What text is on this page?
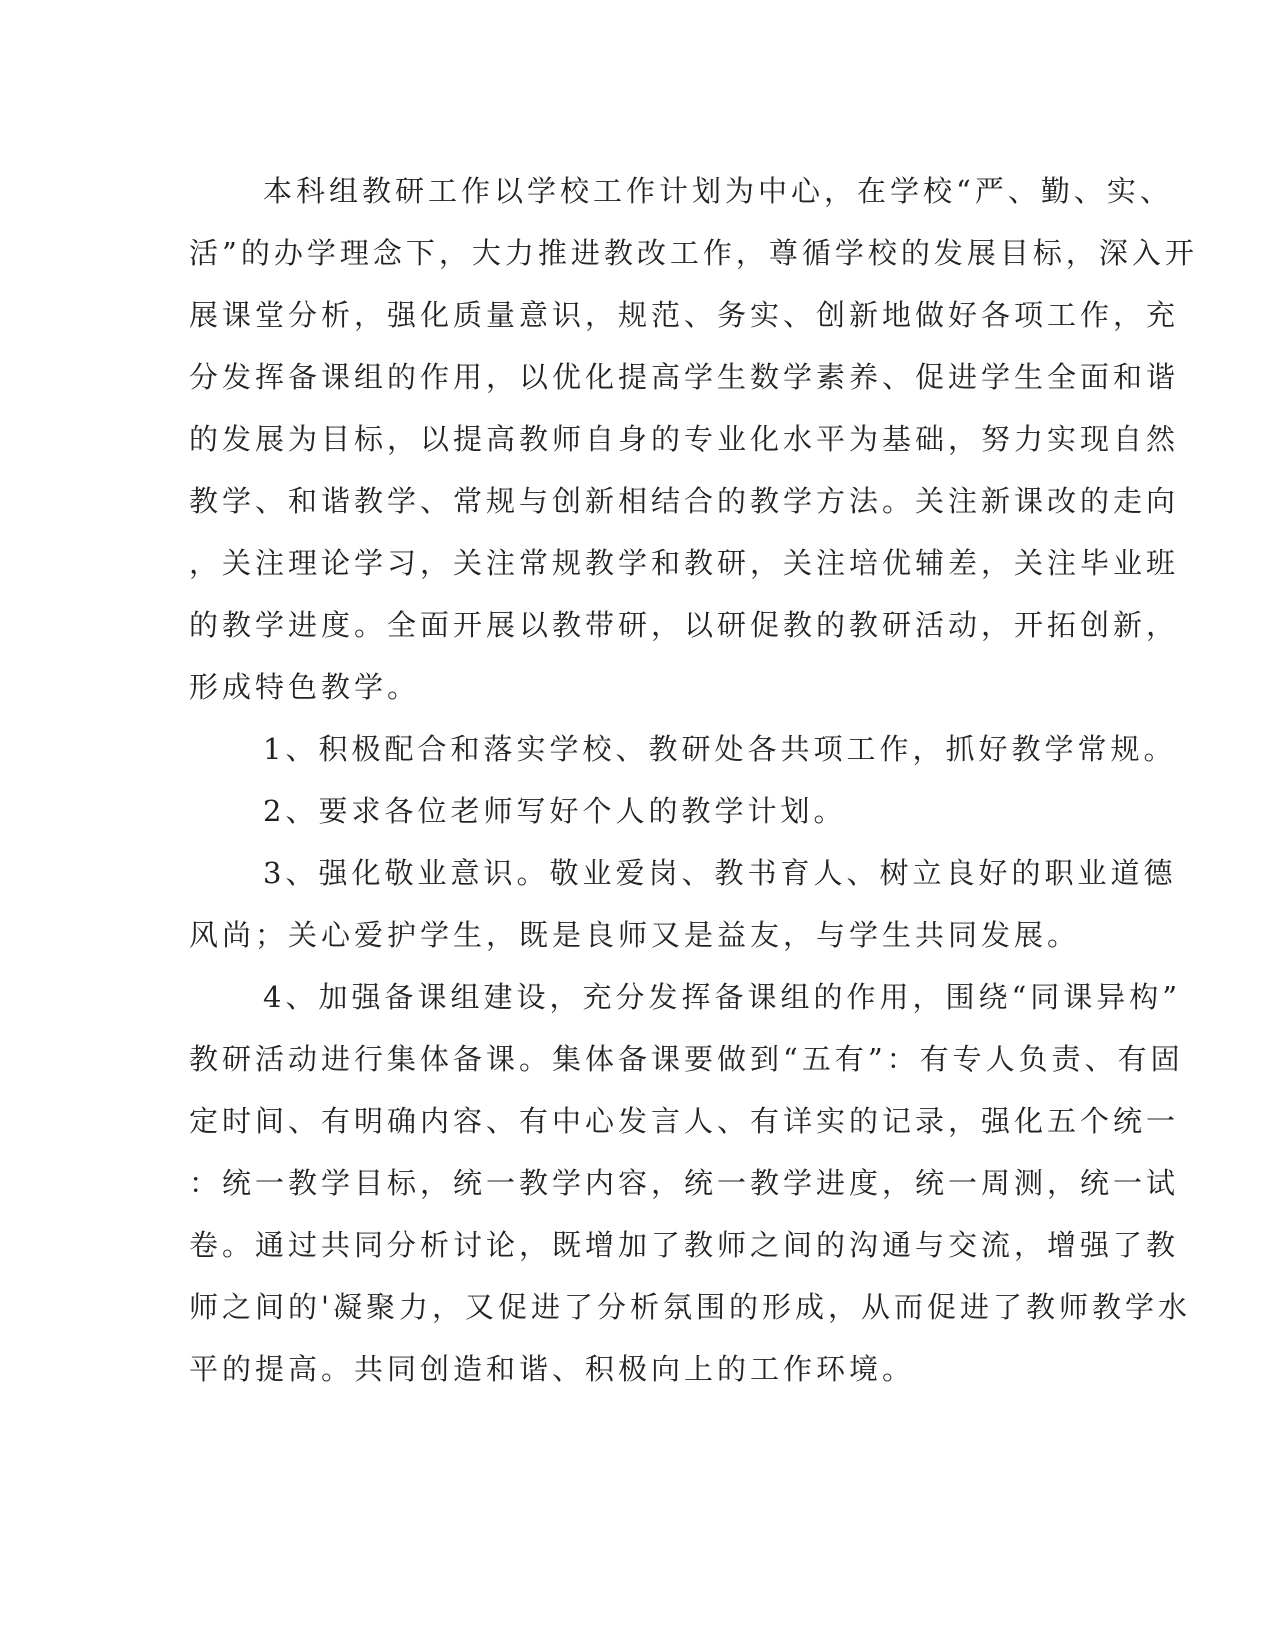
本科组教研工作以学校工作计划为中心，在学校“严、勤、实、
活”的办学理念下，大力推进教改工作，尊循学校的发展目标，深入开
展课堂分析，强化质量意识，规范、务实、创新地做好各项工作，充
分发挥备课组的作用，以优化提高学生数学素养、促进学生全面和谐
的发展为目标，以提高教师自身的专业化水平为基础，努力实现自然
教学、和谐教学、常规与创新相结合的教学方法。关注新课改的走向
，关注理论学习，关注常规教学和教研，关注培优辅差，关注毕业班
的教学进度。全面开展以教带研，以研促教的教研活动，开拓创新，
形成特色教学。
1、积极配合和落实学校、教研处各共项工作，抓好教学常规。
2、要求各位老师写好个人的教学计划。
3、强化敬业意识。敬业爱岗、教书育人、树立良好的职业道德
风尚；关心爱护学生，既是良师又是益友，与学生共同发展。
4、加强备课组建设，充分发挥备课组的作用，围绕“同课异构”
教研活动进行集体备课。集体备课要做到“五有”：有专人负责、有固
定时间、有明确内容、有中心发言人、有详实的记录，强化五个统一
：统一教学目标，统一教学内容，统一教学进度，统一周测，统一试
卷。通过共同分析讨论，既增加了教师之间的沟通与交流，增强了教
师之间的'凝聚力，又促进了分析氛围的形成，从而促进了教师教学水
平的提高。共同创造和谐、积极向上的工作环境。
